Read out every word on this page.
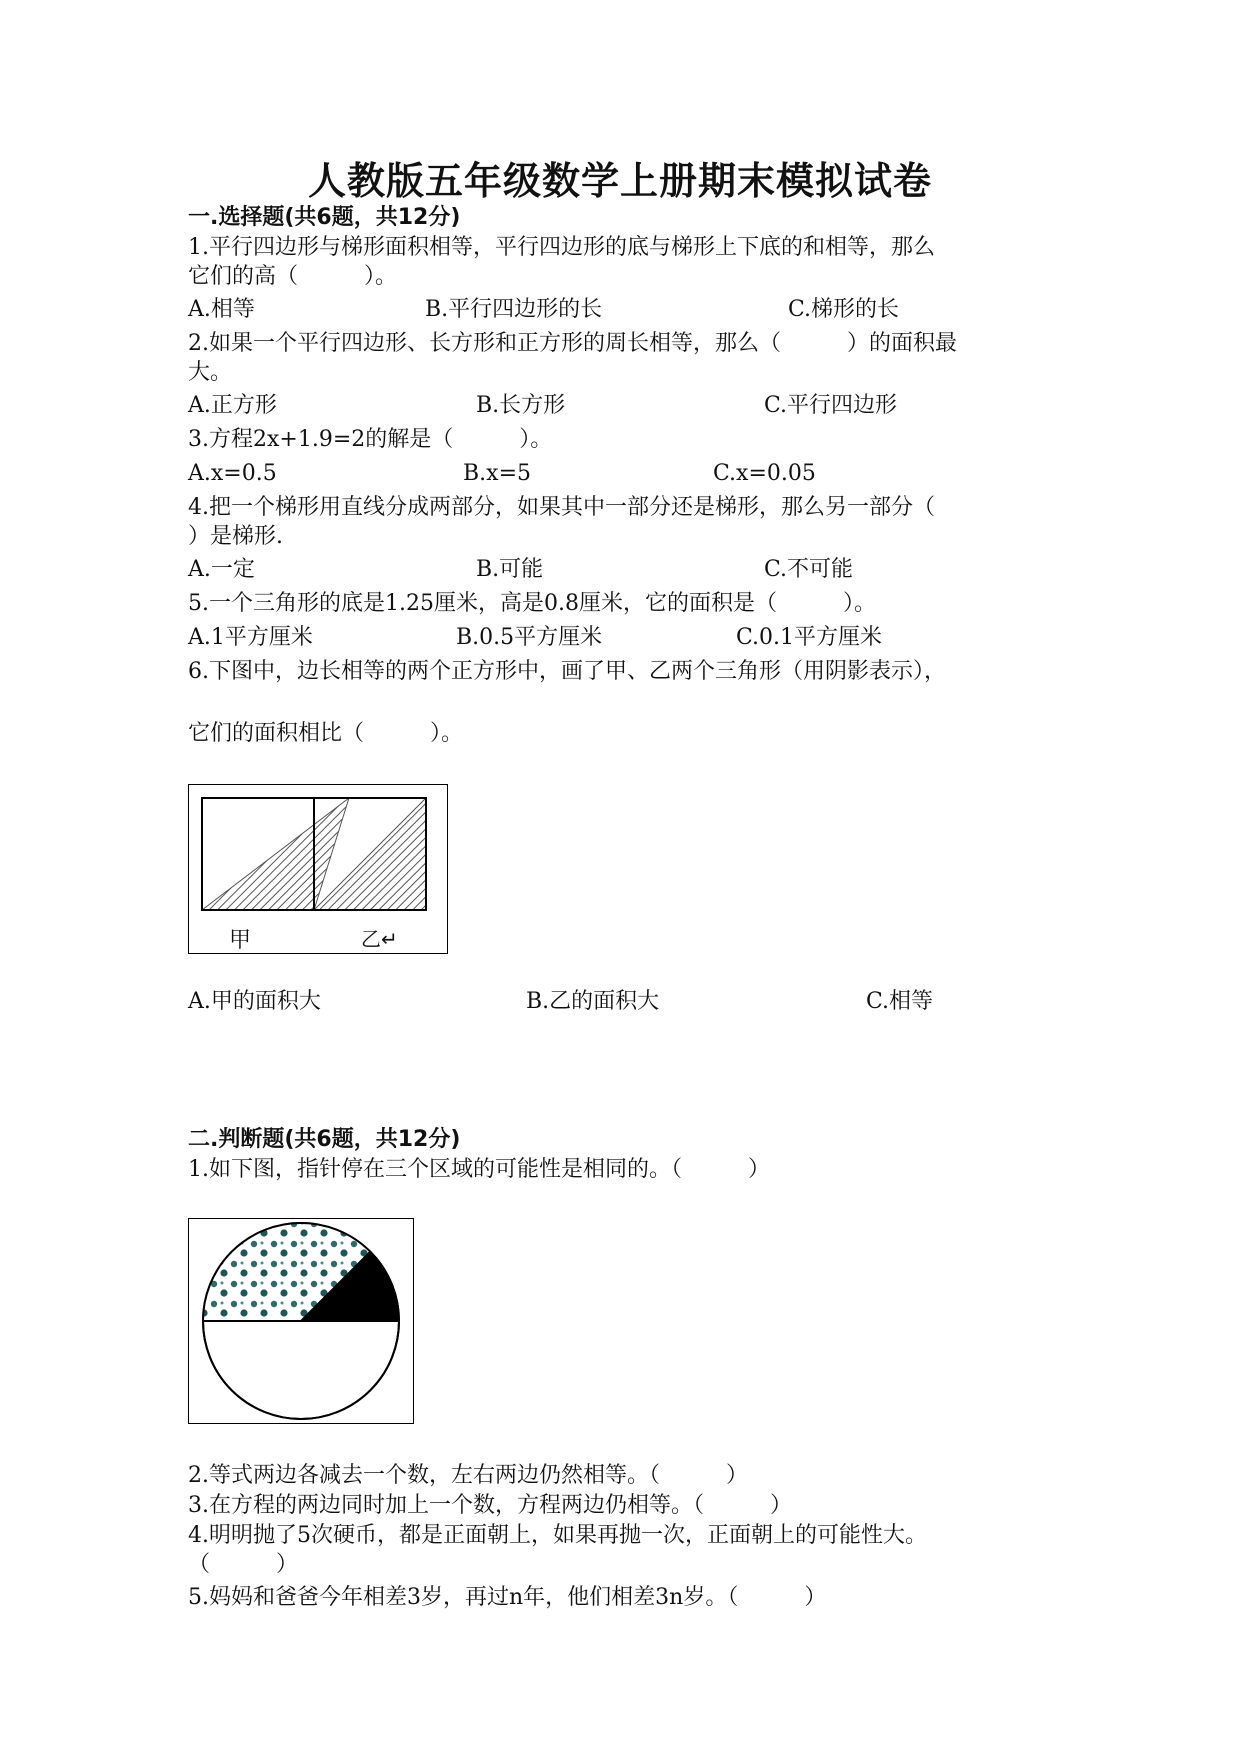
人教版五年级数学上册期末模拟试卷
一.选择题(共6题，共12分)
1.平行四边形与梯形面积相等，平行四边形的底与梯形上下底的和相等，那么
它们的高（　　　）。
A.相等	B.平行四边形的长	C.梯形的长
2.如果一个平行四边形、长方形和正方形的周长相等，那么（　　　）的面积最
大。
A.正方形	B.长方形	C.平行四边形
3.方程2x+1.9=2的解是（　　　）。
A.x=0.5	B.x=5	C.x=0.05
4.把一个梯形用直线分成两部分，如果其中一部分还是梯形，那么另一部分（
）是梯形.
A.一定	B.可能	C.不可能
5.一个三角形的底是1.25厘米，高是0.8厘米，它的面积是（　　　）。
A.1平方厘米	B.0.5平方厘米	C.0.1平方厘米
6.下图中，边长相等的两个正方形中，画了甲、乙两个三角形（用阴影表示），
它们的面积相比（　　　）。
甲	乙↵
A.甲的面积大	B.乙的面积大	C.相等
二.判断题(共6题，共12分)
1.如下图，指针停在三个区域的可能性是相同的。（　　　）
2.等式两边各减去一个数，左右两边仍然相等。（　　　）
3.在方程的两边同时加上一个数，方程两边仍相等。（　　　）
4.明明抛了5次硬币，都是正面朝上，如果再抛一次，正面朝上的可能性大。
（　　　）
5.妈妈和爸爸今年相差3岁，再过n年，他们相差3n岁。（　　　）
